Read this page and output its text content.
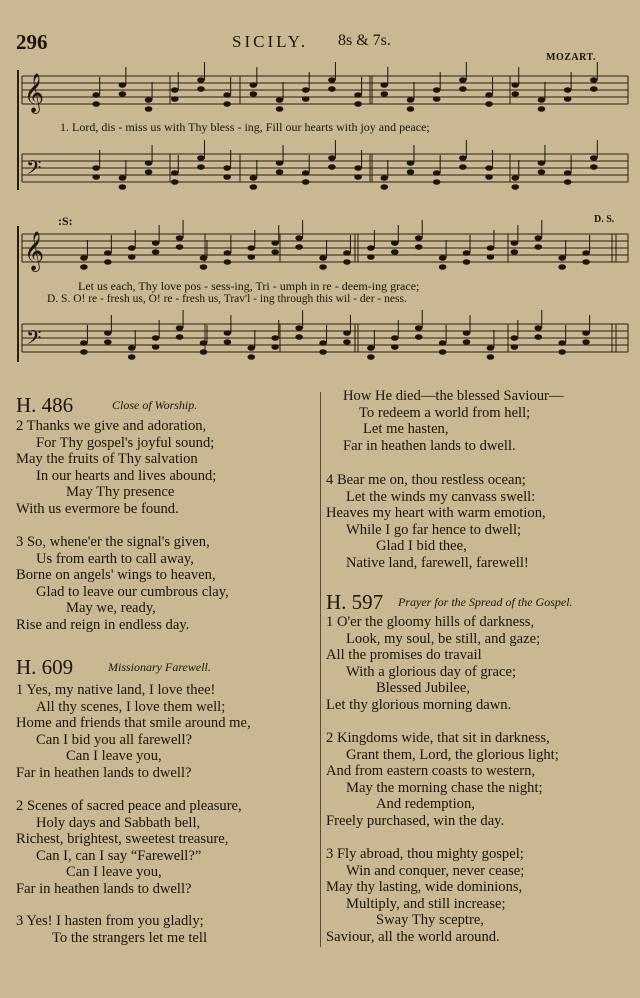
296	SICILY. 8s & 7s.
MOZART.
𝄞
𝄢
𝄞
𝄢
1. Lord, dis - miss us with Thy bless - ing, Fill our hearts with joy and peace;
:S:	D. S.
Let us each, Thy love pos - sess-ing, Tri - umph in re - deem-ing grace;
D. S. O! re - fresh us, O! re - fresh us, Trav'l - ing through this wil - der - ness.
H. 486	Close of Worship.
2 Thanks we give and adoration,
For Thy gospel's joyful sound;
May the fruits of Thy salvation
In our hearts and lives abound;
May Thy presence
With us evermore be found.
3 So, whene'er the signal's given,
Us from earth to call away,
Borne on angels' wings to heaven,
Glad to leave our cumbrous clay,
May we, ready,
Rise and reign in endless day.
H. 609	Missionary Farewell.
1 Yes, my native land, I love thee!
All thy scenes, I love them well;
Home and friends that smile around me,
Can I bid you all farewell?
Can I leave you,
Far in heathen lands to dwell?
2 Scenes of sacred peace and pleasure,
Holy days and Sabbath bell,
Richest, brightest, sweetest treasure,
Can I, can I say “Farewell?”
Can I leave you,
Far in heathen lands to dwell?
3 Yes! I hasten from you gladly;
To the strangers let me tell
How He died—the blessed Saviour—
To redeem a world from hell;
Let me hasten,
Far in heathen lands to dwell.
4 Bear me on, thou restless ocean;
Let the winds my canvass swell:
Heaves my heart with warm emotion,
While I go far hence to dwell;
Glad I bid thee,
Native land, farewell, farewell!
H. 597 Prayer for the Spread of the Gospel.
1 O'er the gloomy hills of darkness,
Look, my soul, be still, and gaze;
All the promises do travail
With a glorious day of grace;
Blessed Jubilee,
Let thy glorious morning dawn.
2 Kingdoms wide, that sit in darkness,
Grant them, Lord, the glorious light;
And from eastern coasts to western,
May the morning chase the night;
And redemption,
Freely purchased, win the day.
3 Fly abroad, thou mighty gospel;
Win and conquer, never cease;
May thy lasting, wide dominions,
Multiply, and still increase;
Sway Thy sceptre,
Saviour, all the world around.
